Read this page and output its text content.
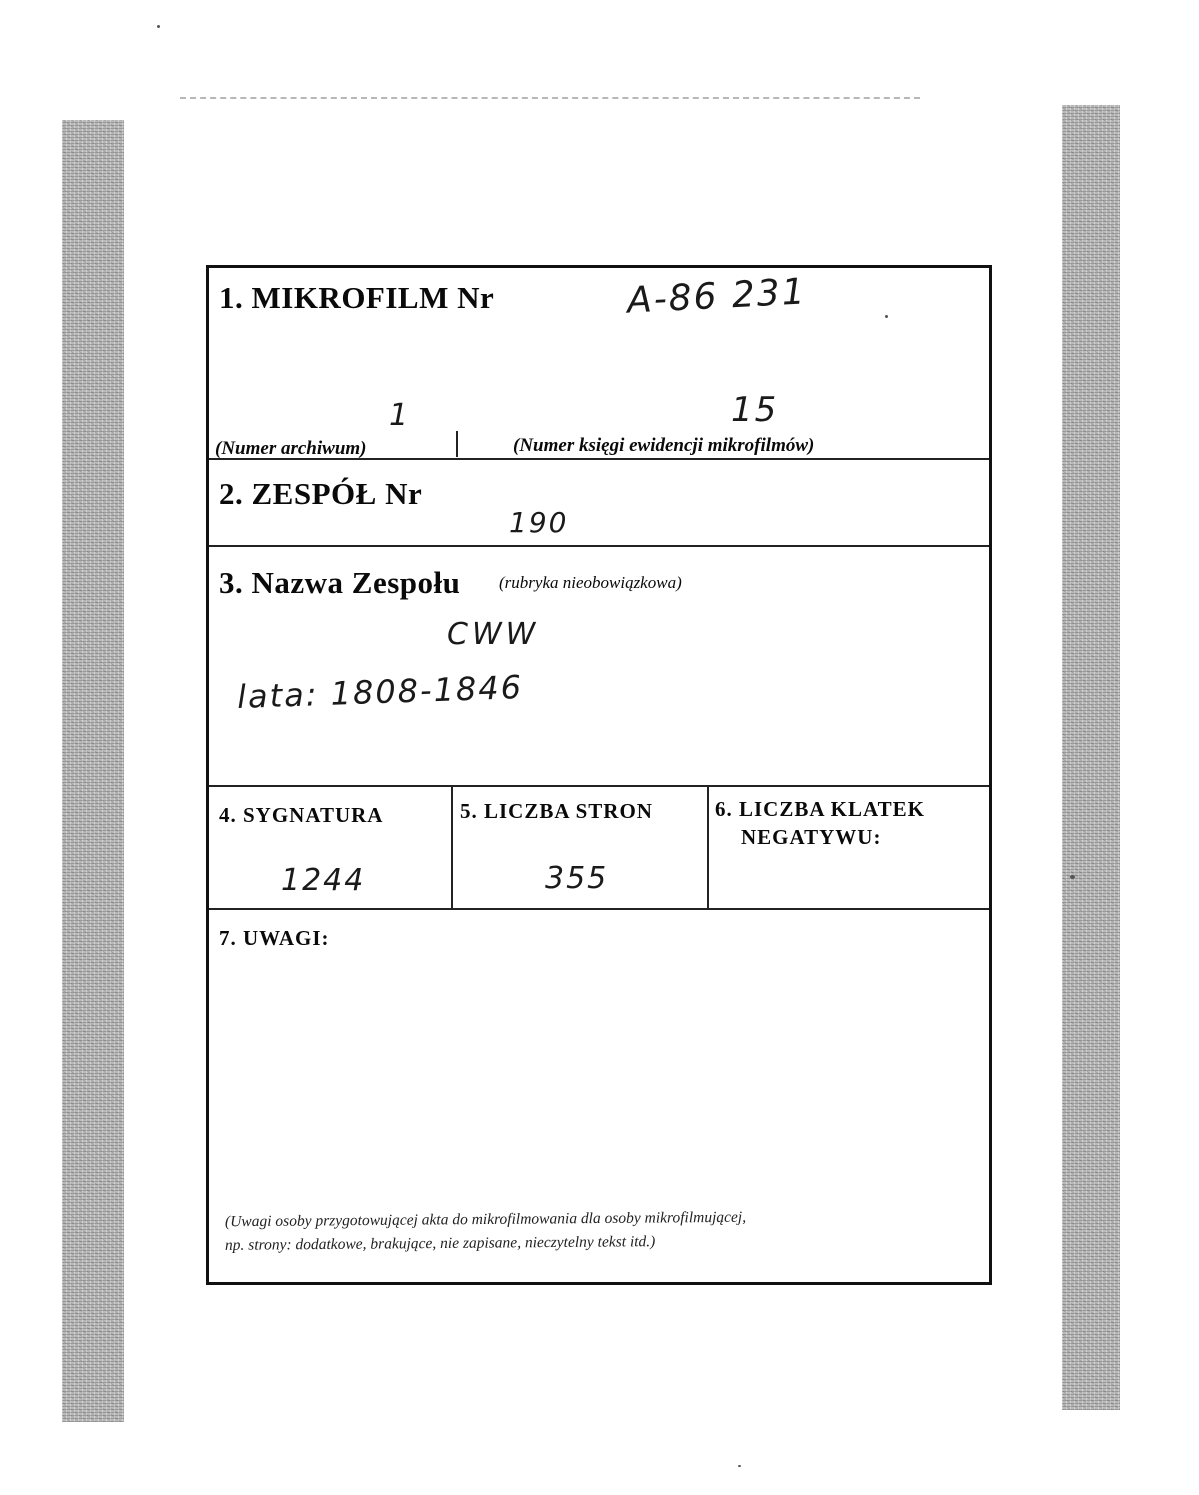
1. MIKROFILM Nr	A-86 231
1	15
(Numer archiwum)	(Numer księgi ewidencji mikrofilmów)
2. ZESPÓŁ Nr
190
3. Nazwa Zespołu (rubryka nieobowiązkowa)
CWW
lata: 1808-1846
4. SYGNATURA
1244
5. LICZBA STRON
355
6. LICZBA KLATEK
NEGATYWU:
7. UWAGI:
(Uwagi osoby przygotowującej akta do mikrofilmowania dla osoby mikrofilmującej,
np. strony: dodatkowe, brakujące, nie zapisane, nieczytelny tekst itd.)
